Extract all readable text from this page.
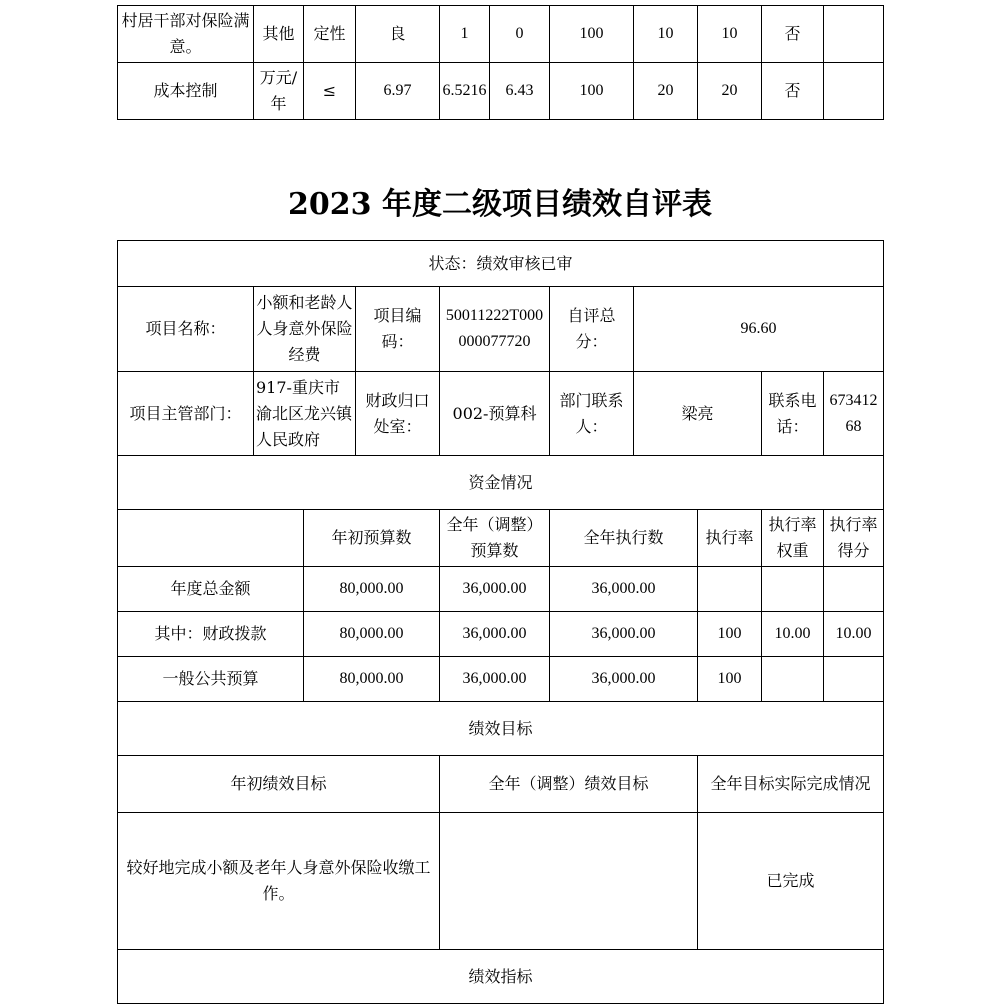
村居干部对保险满意。	其他	定性	良	1	0	100	10	10	否	
成本控制	万元/年	≤	6.97	6.5216	6.43	100	20	20	否	
2023 年度二级项目绩效自评表
状态：绩效审核已审									
项目名称：	小额和老龄人人身意外保险经费		项目编码：	50011222T000000077720	自评总分：	96.60			
项目主管部门：	917-重庆市渝北区龙兴镇人民政府		财政归口处室：	002-预算科	部门联系人：	梁亮		联系电话：	67341268
资金情况									
		年初预算数		全年（调整）预算数	全年执行数		执行率	执行率权重	执行率得分
年度总金额		80,000.00		36,000.00	36,000.00				
其中：财政拨款		80,000.00		36,000.00	36,000.00		100	10.00	10.00
一般公共预算		80,000.00		36,000.00	36,000.00		100		
绩效目标									
年初绩效目标				全年（调整）绩效目标			全年目标实际完成情况		
较好地完成小额及老年人身意外保险收缴工作。							已完成		
绩效指标									
